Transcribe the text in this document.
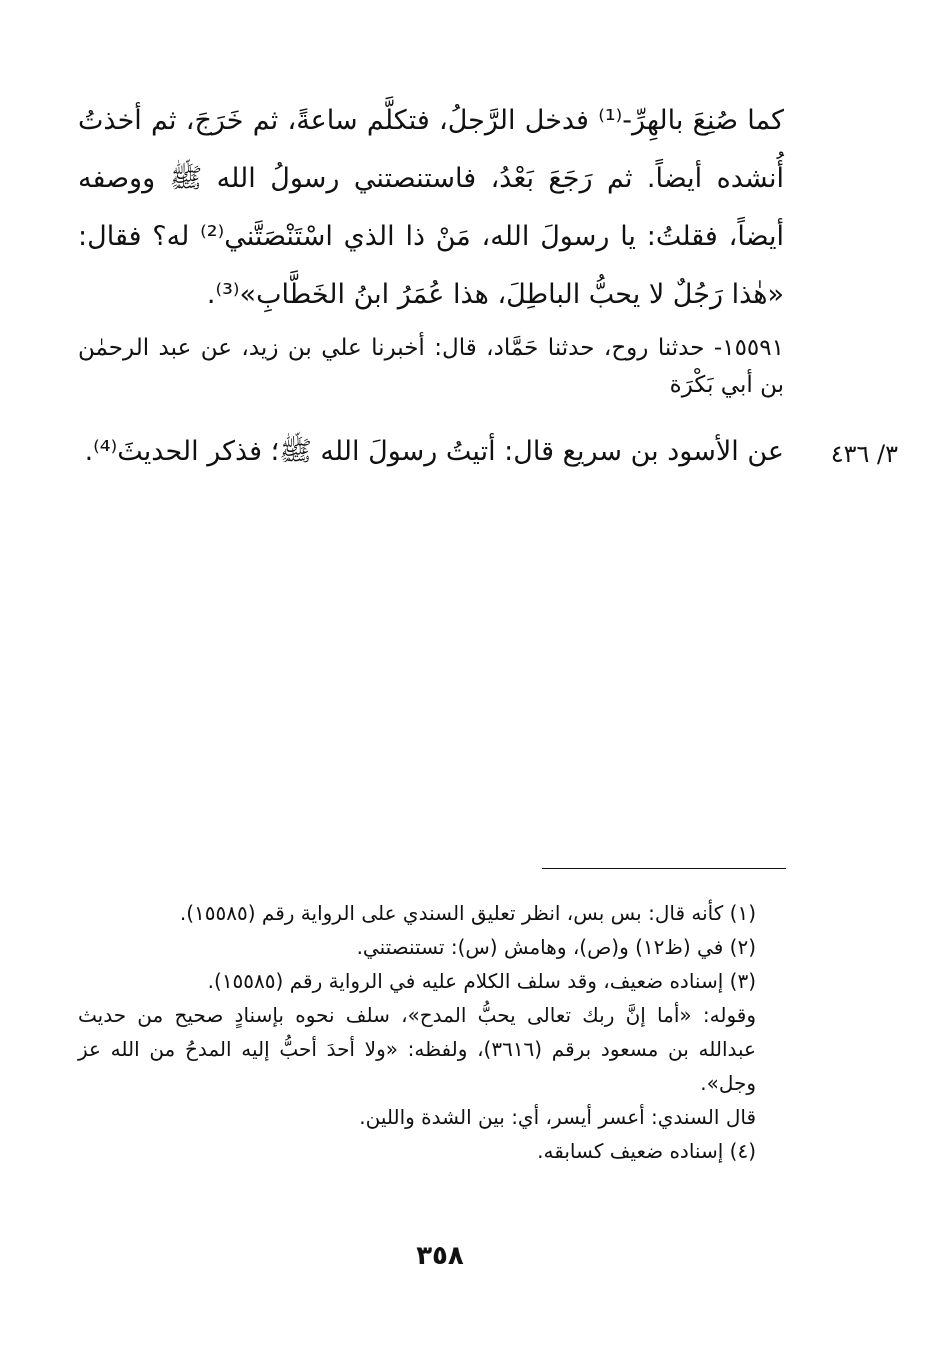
كما صُنِعَ بالهِرِّ-⁽¹⁾ فدخل الرَّجلُ، فتكلَّم ساعةً، ثم خَرَجَ، ثم أخذتُ أُنشده أيضاً. ثم رَجَعَ بَعْدُ، فاستنصتني رسولُ الله ﷺ ووصفه أيضاً، فقلتُ: يا رسولَ الله، مَنْ ذا الذي اسْتَنْصَتَّني⁽²⁾ له؟ فقال: «هٰذا رَجُلٌ لا يحبُّ الباطِلَ، هذا عُمَرُ ابنُ الخَطَّابِ»⁽³⁾.

١٥٥٩١- حدثنا روح، حدثنا حَمَّاد، قال: أخبرنا علي بن زيد، عن عبد الرحمٰن بن أبي بَكْرَة

عن الأسود بن سريع قال: أتيتُ رسولَ الله ﷺ؛ فذكر الحديثَ⁽⁴⁾.	٣/ ٤٣٦

(١) كأنه قال: بس بس، انظر تعليق السندي على الرواية رقم (١٥٥٨٥).

(٢) في (ظ١٢) و(ص)، وهامش (س): تستنصتني.

(٣) إسناده ضعيف، وقد سلف الكلام عليه في الرواية رقم (١٥٥٨٥).

وقوله: «أما إنَّ ربك تعالى يحبُّ المدح»، سلف نحوه بإسنادٍ صحيح من حديث عبدالله بن مسعود برقم (٣٦١٦)، ولفظه: «ولا أحدَ أحبُّ إليه المدحُ من الله عز وجل».

قال السندي: أعسر أيسر، أي: بين الشدة واللين.

(٤) إسناده ضعيف كسابقه.

٣٥٨
